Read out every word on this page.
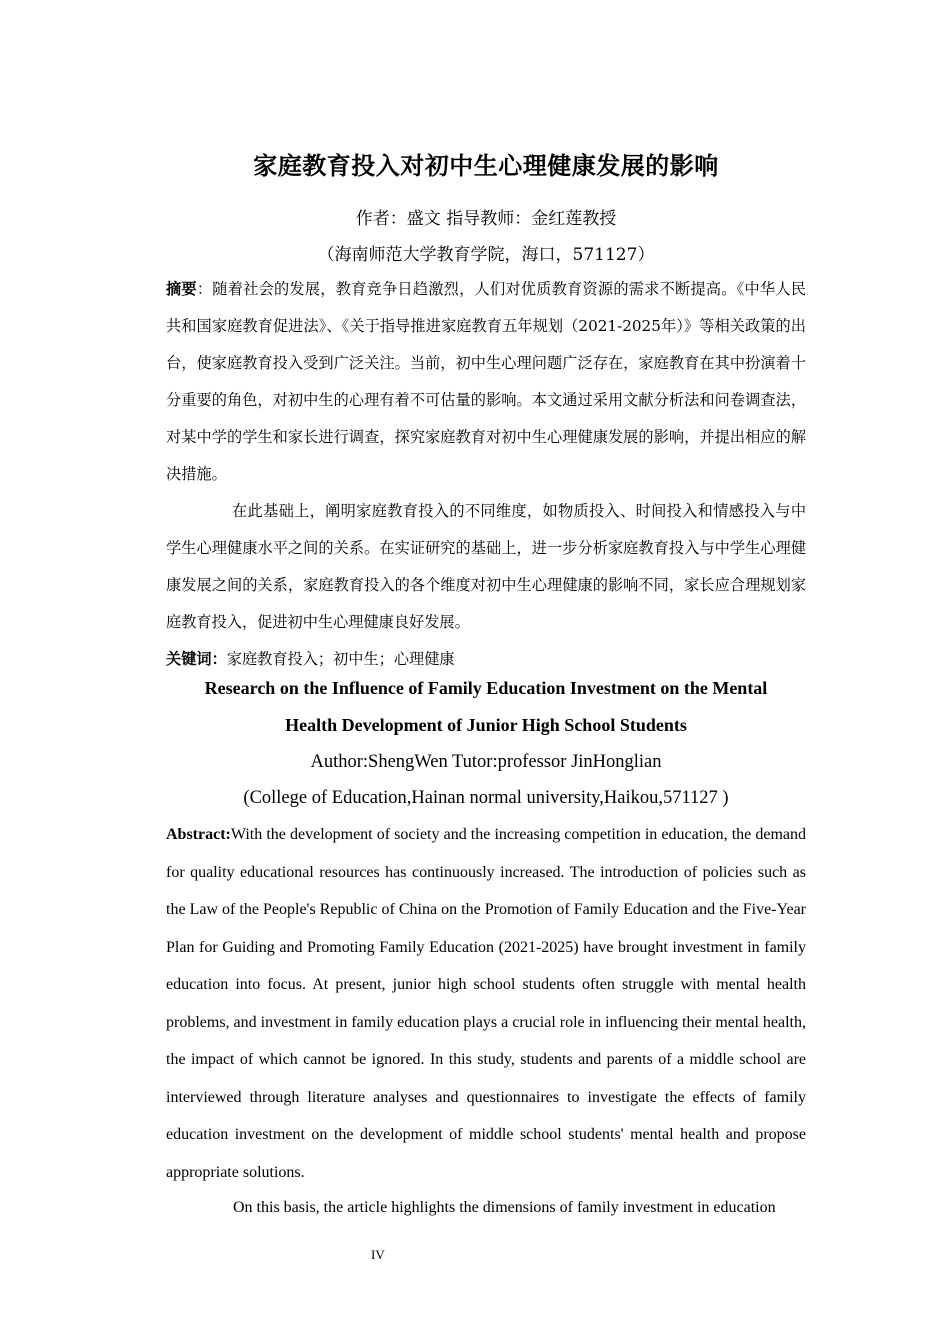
家庭教育投入对初中生心理健康发展的影响
作者：盛文 指导教师：金红莲教授
（海南师范大学教育学院，海口，571127）

摘要：随着社会的发展，教育竞争日趋激烈，人们对优质教育资源的需求不断提高。《中华人民共和国家庭教育促进法》、《关于指导推进家庭教育五年规划（2021-2025年）》等相关政策的出台，使家庭教育投入受到广泛关注。当前，初中生心理问题广泛存在，家庭教育在其中扮演着十分重要的角色，对初中生的心理有着不可估量的影响。本文通过采用文献分析法和问卷调查法，对某中学的学生和家长进行调查，探究家庭教育对初中生心理健康发展的影响，并提出相应的解决措施。

在此基础上，阐明家庭教育投入的不同维度，如物质投入、时间投入和情感投入与中学生心理健康水平之间的关系。在实证研究的基础上，进一步分析家庭教育投入与中学生心理健康发展之间的关系，家庭教育投入的各个维度对初中生心理健康的影响不同，家长应合理规划家庭教育投入，促进初中生心理健康良好发展。

关键词：家庭教育投入；初中生；心理健康

Research on the Influence of Family Education Investment on the Mental

Health Development of Junior High School Students

Author:ShengWen Tutor:professor JinHonglian

(College of Education,Hainan normal university,Haikou,571127 )

Abstract:With the development of society and the increasing competition in education, the demand for quality educational resources has continuously increased. The introduction of policies such as the Law of the People's Republic of China on the Promotion of Family Education and the Five-Year Plan for Guiding and Promoting Family Education (2021-2025) have brought investment in family education into focus. At present, junior high school students often struggle with mental health problems, and investment in family education plays a crucial role in influencing their mental health, the impact of which cannot be ignored. In this study, students and parents of a middle school are interviewed through literature analyses and questionnaires to investigate the effects of family education investment on the development of middle school students' mental health and propose appropriate solutions.

On this basis, the article highlights the dimensions of family investment in education

IV
